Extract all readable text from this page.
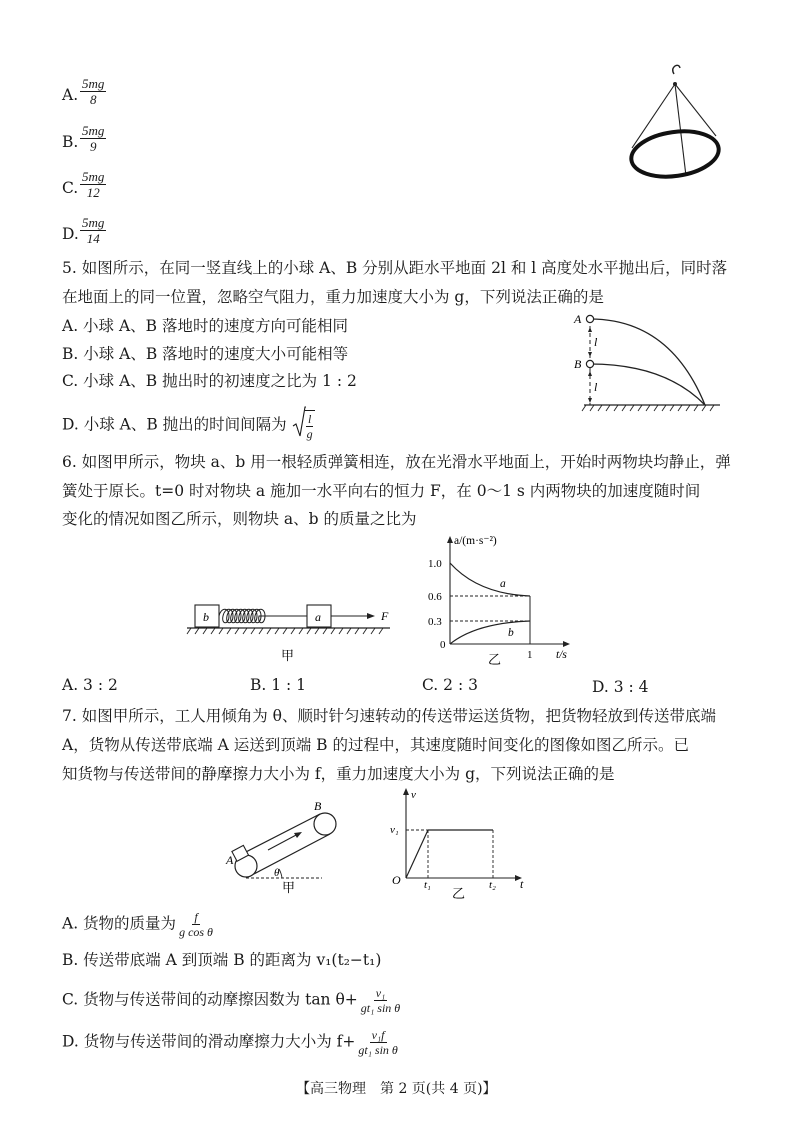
A. $\frac{5mg}{8}$
B. $\frac{5mg}{9}$
C. $\frac{5mg}{12}$
D. $\frac{5mg}{14}$
5. 如图所示，在同一竖直线上的小球 A、B 分别从距水平地面 2l 和 l 高度处水平抛出后，同时落
在地面上的同一位置，忽略空气阻力，重力加速度大小为 g，下列说法正确的是
A. 小球 A、B 落地时的速度方向可能相同
B. 小球 A、B 落地时的速度大小可能相等
C. 小球 A、B 抛出时的初速度之比为 1 : 2
D. 小球 A、B 抛出的时间间隔为 $\frac{l}{g}$
A
B
l
l
6. 如图甲所示，物块 a、b 用一根轻质弹簧相连，放在光滑水平地面上，开始时两物块均静止，弹
簧处于原长。t=0 时对物块 a 施加一水平向右的恒力 F，在 0～1 s 内两物块的加速度随时间
变化的情况如图乙所示，则物块 a、b 的质量之比为
b	a	F
甲
a/(m·s⁻²)
1.0
0.6
0.3
0
1 t/s
a
b
乙
A. 3 : 2	B. 1 : 1	C. 2 : 3	D. 3 : 4
7. 如图甲所示，工人用倾角为 θ、顺时针匀速转动的传送带运送货物，把货物轻放到传送带底端
A，货物从传送带底端 A 运送到顶端 B 的过程中，其速度随时间变化的图像如图乙所示。已
知货物与传送带间的静摩擦力大小为 f，重力加速度大小为 g，下列说法正确的是
A
B
θ
甲
v
v₁
O t₁	t₂ t
乙
A. 货物的质量为 $\frac{f}{\text{g cos θ}}$
B. 传送带底端 A 到顶端 B 的距离为 v₁(t₂−t₁)
C. 货物与传送带间的动摩擦因数为 $\tan \theta+ \frac{\text{v₁}}{\text{gt₁ sin θ}}$
D. 货物与传送带间的滑动摩擦力大小为 $f+ \frac{\text{v₁f}}{\text{gt₁ sin θ}}$
【高三物理　第 2 页(共 4 页)】
